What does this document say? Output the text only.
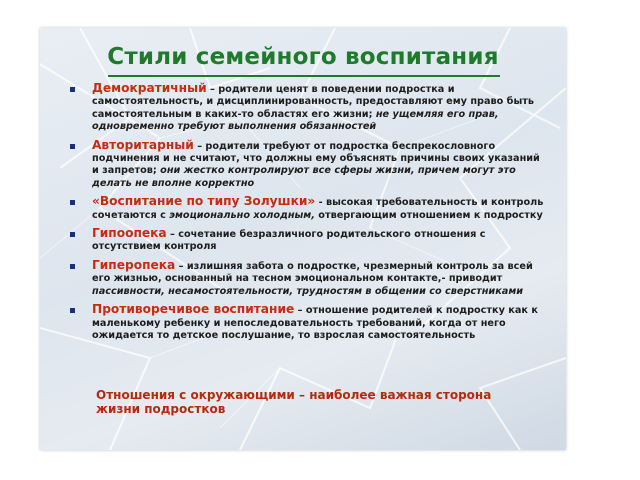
Стили семейного воспитания
Демократичный – родители ценят в поведении подростка и самостоятельность, и дисциплинированность, предоставляют ему право быть самостоятельным в каких-то областях его жизни; не ущемляя его прав, одновременно требуют выполнения обязанностей
Авторитарный – родители требуют от подростка беспрекословного подчинения и не считают, что должны ему объяснять причины своих указаний и запретов; они жестко контролируют все сферы жизни, причем могут это делать не вполне корректно
«Воспитание по типу Золушки» - высокая требовательность и контроль сочетаются с эмоционально холодным, отвергающим отношением к подростку
Гипоопека – сочетание безразличного родительского отношения с отсутствием контроля
Гиперопека – излишняя забота о подростке, чрезмерный контроль за всей его жизнью, основанный на тесном эмоциональном контакте,- приводит пассивности, несамостоятельности, трудностям в общении со сверстниками
Противоречивое воспитание – отношение родителей к подростку как к маленькому ребенку и непоследовательность требований, когда от него ожидается то детское послушание, то взрослая самостоятельность
Отношения с окружающими – наиболее важная сторона жизни подростков
